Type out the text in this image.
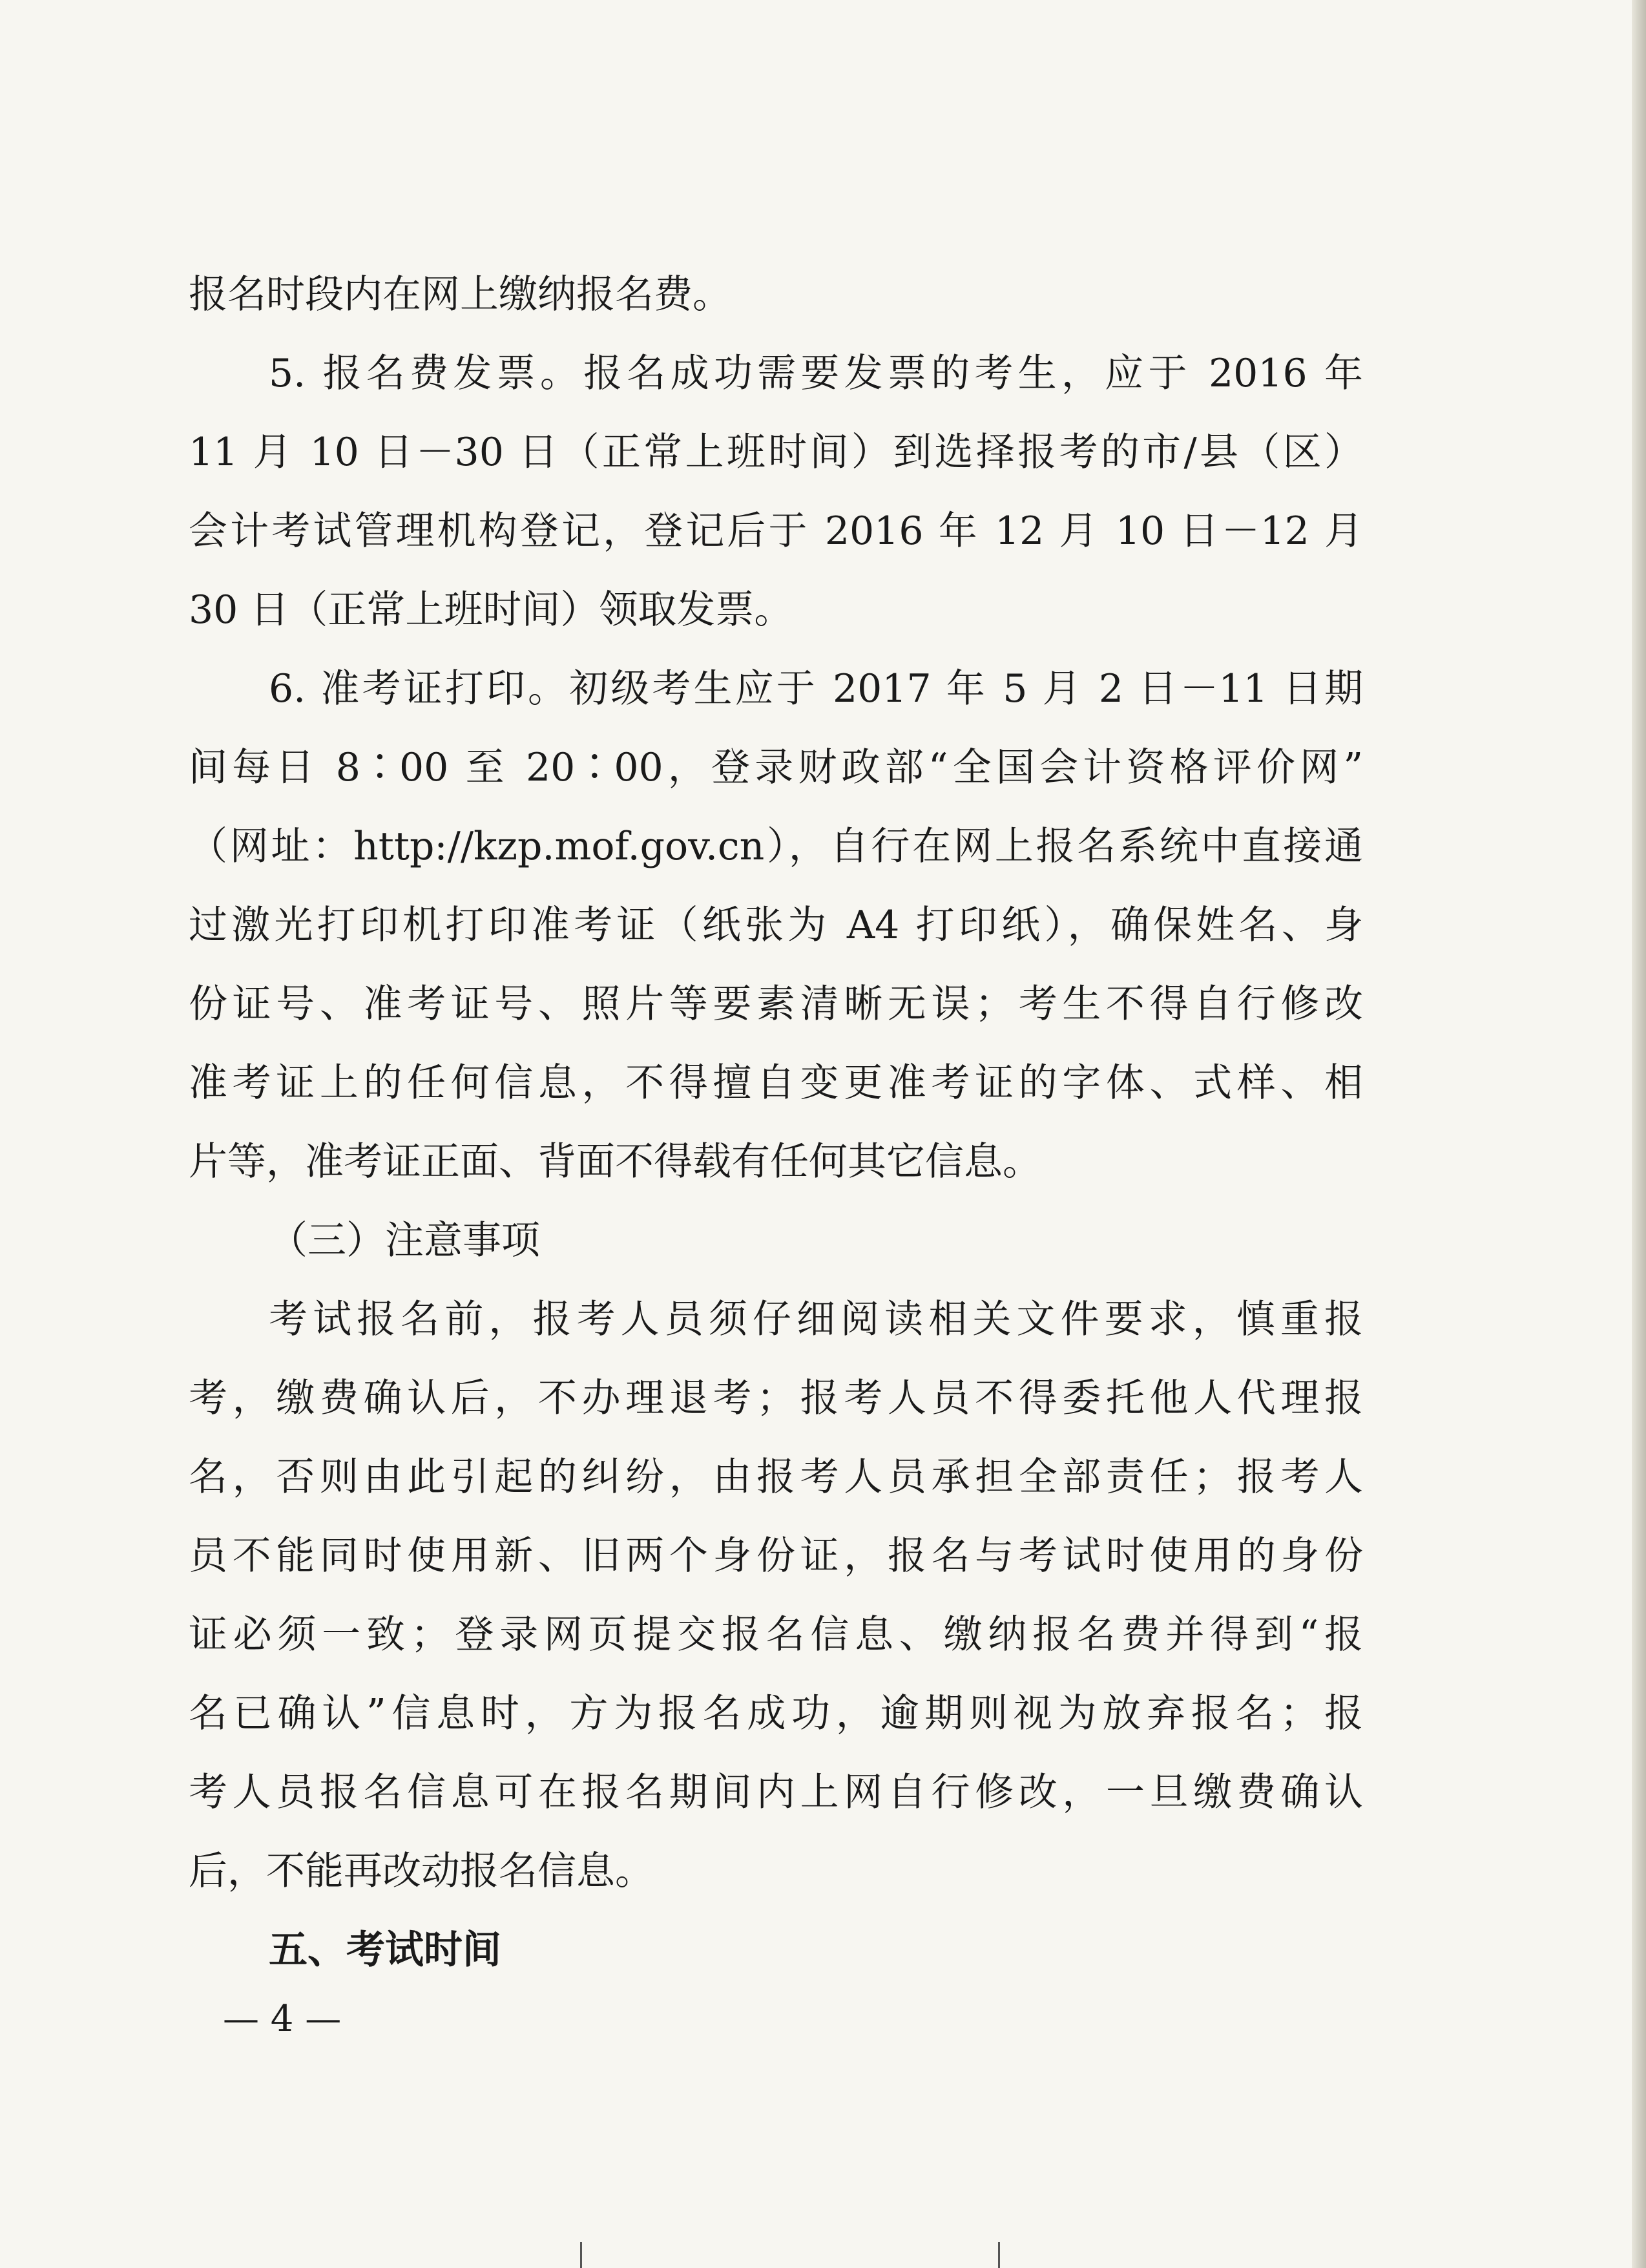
报名时段内在网上缴纳报名费。
5. 报名费发票。报名成功需要发票的考生，应于 2016 年
11 月 10 日－30 日（正常上班时间）到选择报考的市/县（区）
会计考试管理机构登记，登记后于 2016 年 12 月 10 日－12 月
30 日（正常上班时间）领取发票。
6. 准考证打印。初级考生应于 2017 年 5 月 2 日－11 日期
间每日 8∶00 至 20∶00，登录财政部“全国会计资格评价网”
（网址：http://kzp.mof.gov.cn），自行在网上报名系统中直接通
过激光打印机打印准考证（纸张为 A4 打印纸），确保姓名、身
份证号、准考证号、照片等要素清晰无误；考生不得自行修改
准考证上的任何信息，不得擅自变更准考证的字体、式样、相
片等，准考证正面、背面不得载有任何其它信息。
（三）注意事项
考试报名前，报考人员须仔细阅读相关文件要求，慎重报
考，缴费确认后，不办理退考；报考人员不得委托他人代理报
名，否则由此引起的纠纷，由报考人员承担全部责任；报考人
员不能同时使用新、旧两个身份证，报名与考试时使用的身份
证必须一致；登录网页提交报名信息、缴纳报名费并得到“报
名已确认”信息时，方为报名成功，逾期则视为放弃报名；报
考人员报名信息可在报名期间内上网自行修改，一旦缴费确认
后，不能再改动报名信息。
五、考试时间
— 4 —
